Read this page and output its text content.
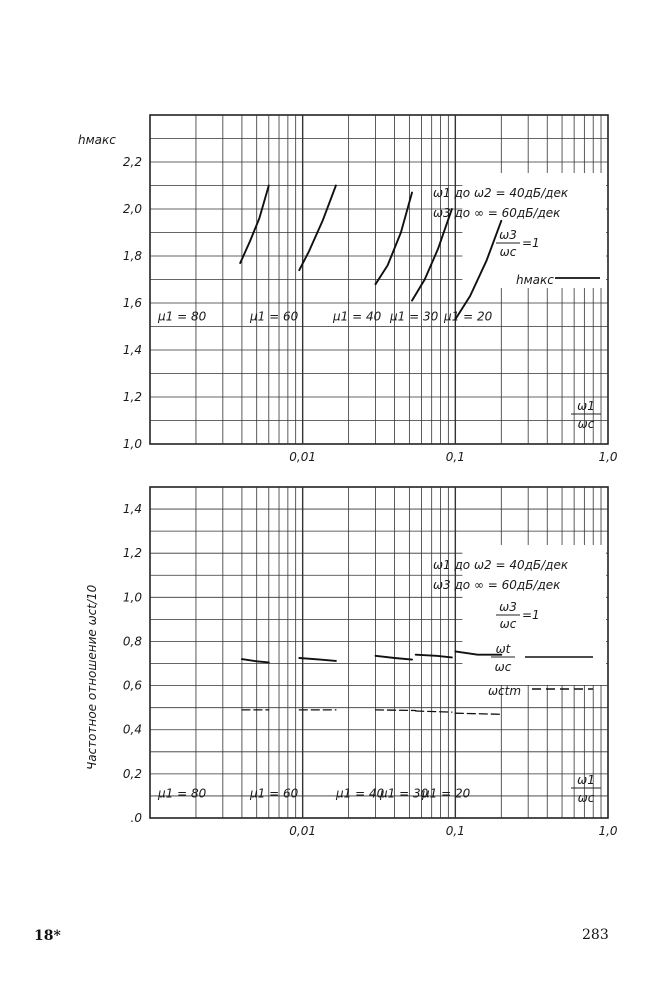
1,0
1,2
1,4
1,6
1,8
2,0
2,2
0,01	0,1	1,0
hмакс
ω1
ωc
ω1 до ω2 = 40дБ/дек
ω3 до ∞ = 60дБ/дек
ω3
ωc
=1
hмакс
μ1 = 80	μ1 = 60	μ1 = 40 μ1 = 30 μ1 = 20
.0
0,2
0,4
0,6
0,8
1,0
1,2
1,4
0,01	0,1	1,0
Частотное отношение ωct/10
ω1
ωc
ω1 до ω2 = 40дБ/дек
ω3 до ∞ = 60дБ/дек
ω3
ωc
=1
ωt
ωc
ωctm
μ1 = 80	μ1 = 60	μ1 = 40
μ1 = 30
μ1 = 20
18*	283
